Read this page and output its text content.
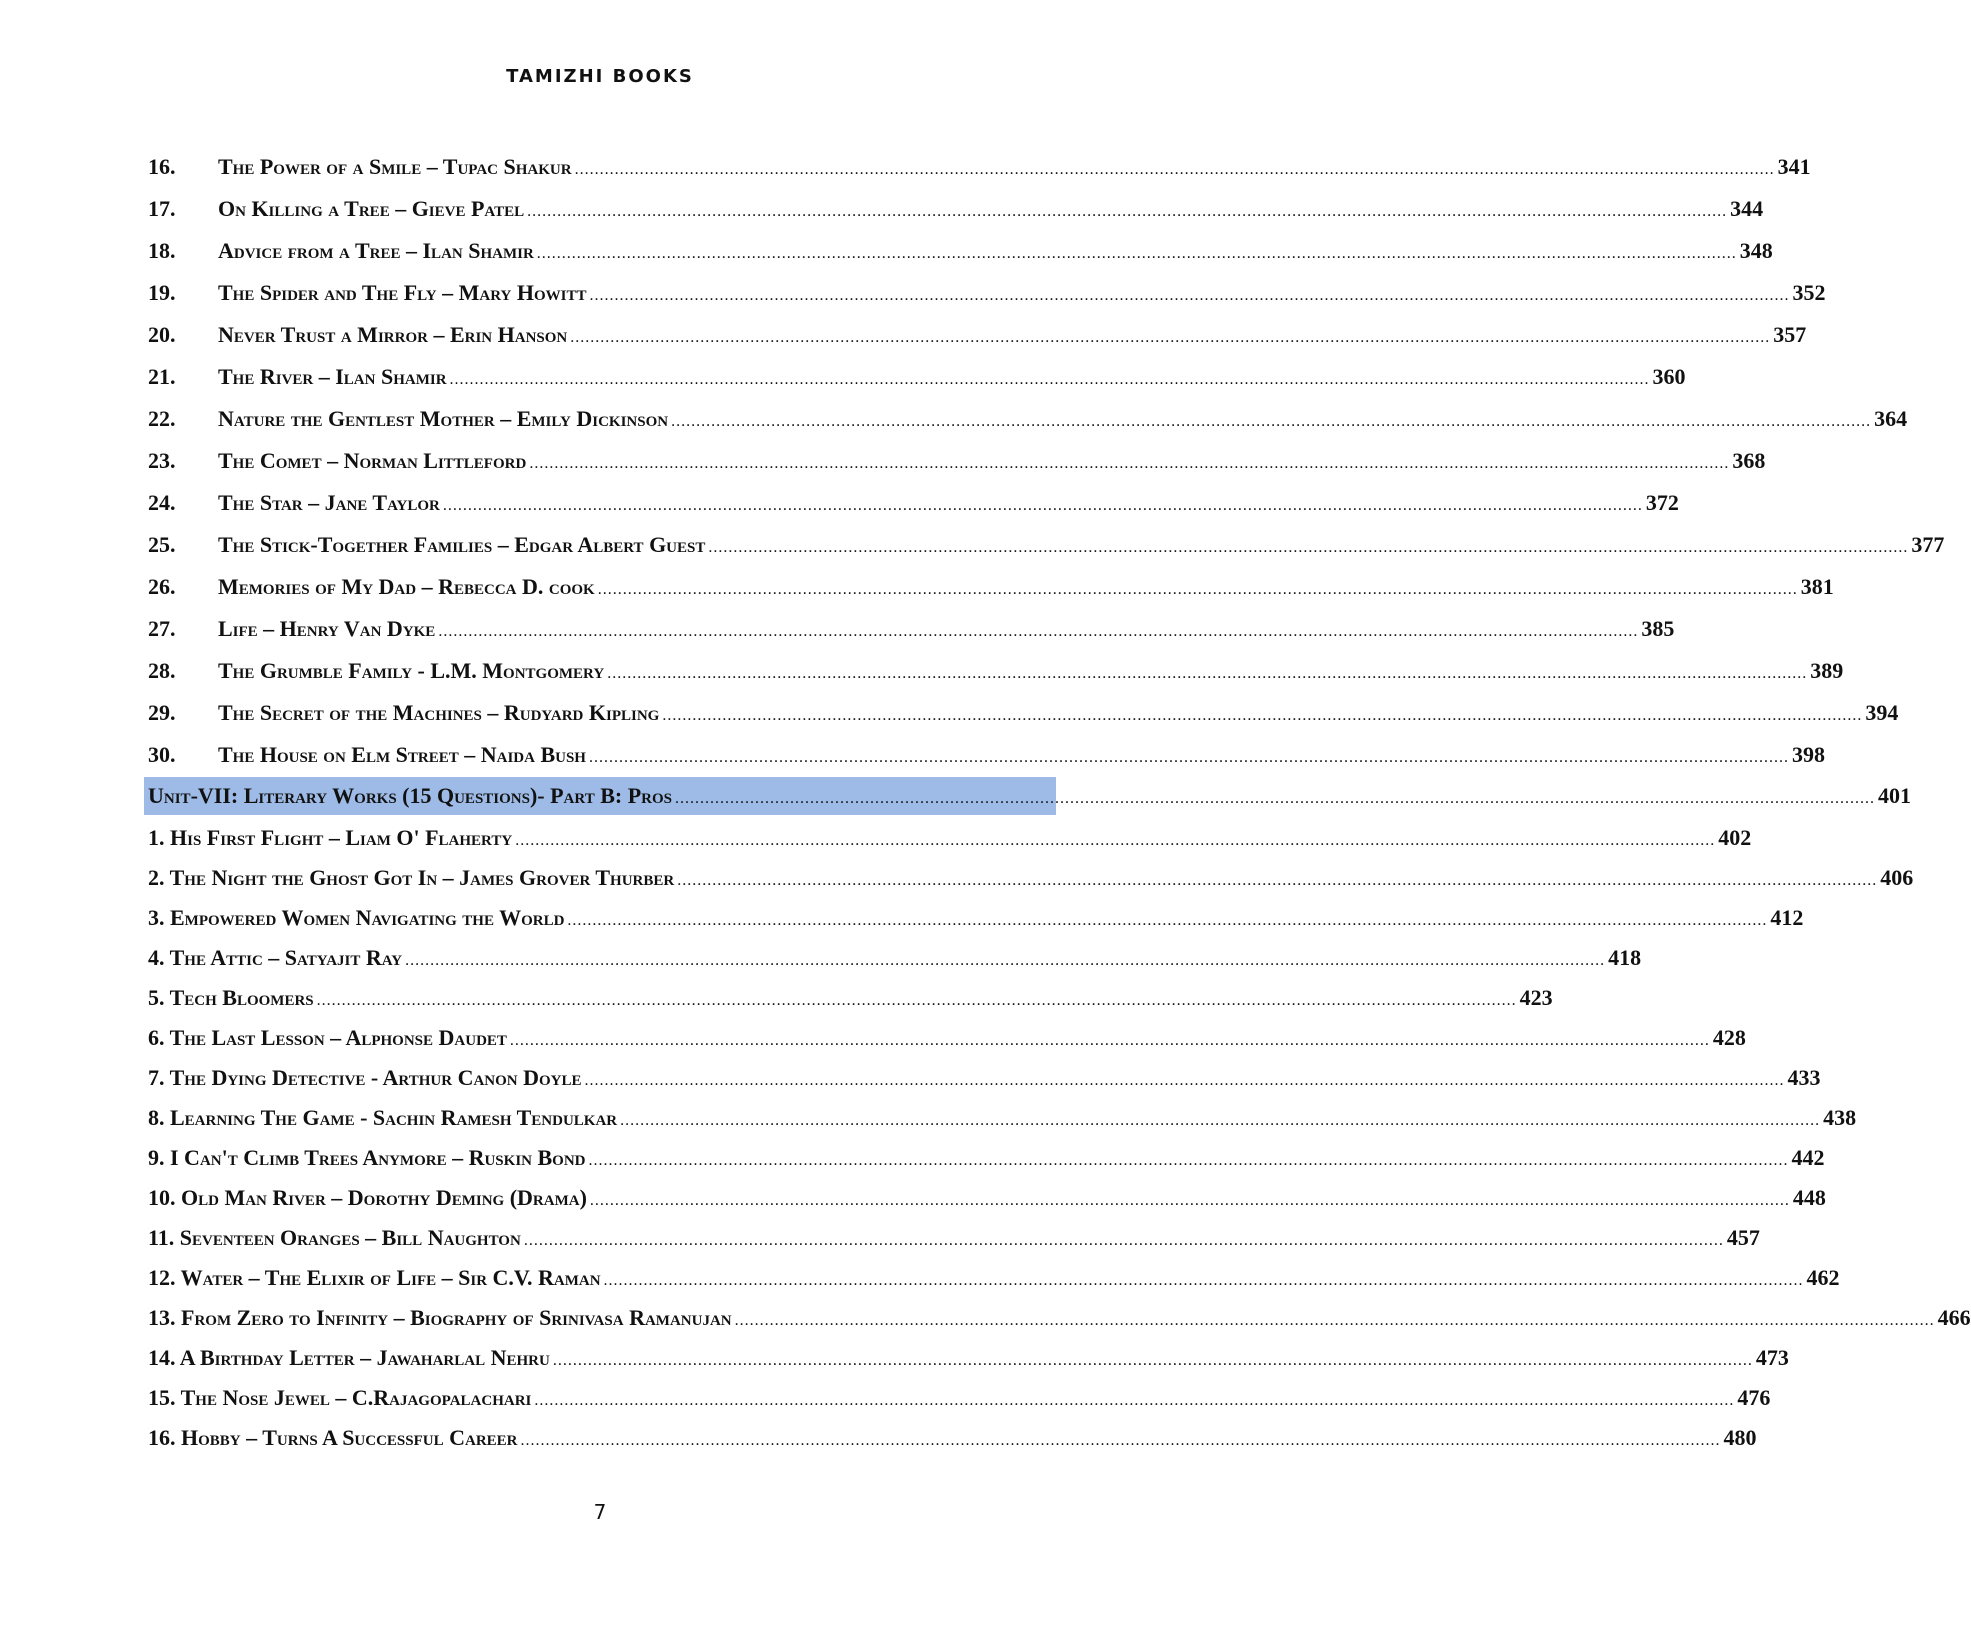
TAMIZHI BOOKS
16.	The Power of a Smile – Tupac Shakur .....	341
17.	On Killing a Tree – Gieve Patel .....	344
18.	Advice from a Tree – Ilan Shamir .....	348
19.	The Spider and The Fly – Mary Howitt .....	352
20.	Never Trust a Mirror – Erin Hanson .....	357
21.	The River – Ilan Shamir .....	360
22.	Nature the Gentlest Mother – Emily Dickinson .....	364
23.	The Comet – Norman Littleford .....	368
24.	The Star – Jane Taylor .....	372
25.	The Stick-Together Families – Edgar Albert Guest .....	377
26.	Memories of My Dad – Rebecca D. cook .....	381
27.	Life – Henry Van Dyke .....	385
28.	The Grumble Family - L.M. Montgomery .....	389
29.	The Secret of the Machines – Rudyard Kipling .....	394
30.	The House on Elm Street – Naida Bush .....	398
Unit-VII: Literary Works (15 Questions)- Part B: Pros .....	401
1. His First Flight – Liam O' Flaherty .....	402
2. The Night the Ghost Got In – James Grover Thurber .....	406
3. Empowered Women Navigating the World .....	412
4. The Attic – Satyajit Ray .....	418
5. Tech Bloomers .....	423
6. The Last Lesson – Alphonse Daudet .....	428
7. The Dying Detective - Arthur Canon Doyle .....	433
8. Learning The Game - Sachin Ramesh Tendulkar .....	438
9. I Can't Climb Trees Anymore – Ruskin Bond .....	442
10. Old Man River – Dorothy Deming (Drama) .....	448
11. Seventeen Oranges – Bill Naughton .....	457
12. Water – The Elixir of Life – Sir C.V. Raman .....	462
13. From Zero to Infinity – Biography of Srinivasa Ramanujan .....	466
14. A Birthday Letter – Jawaharlal Nehru .....	473
15. The Nose Jewel – C.Rajagopalachari .....	476
16. Hobby – Turns A Successful Career .....	480
7
